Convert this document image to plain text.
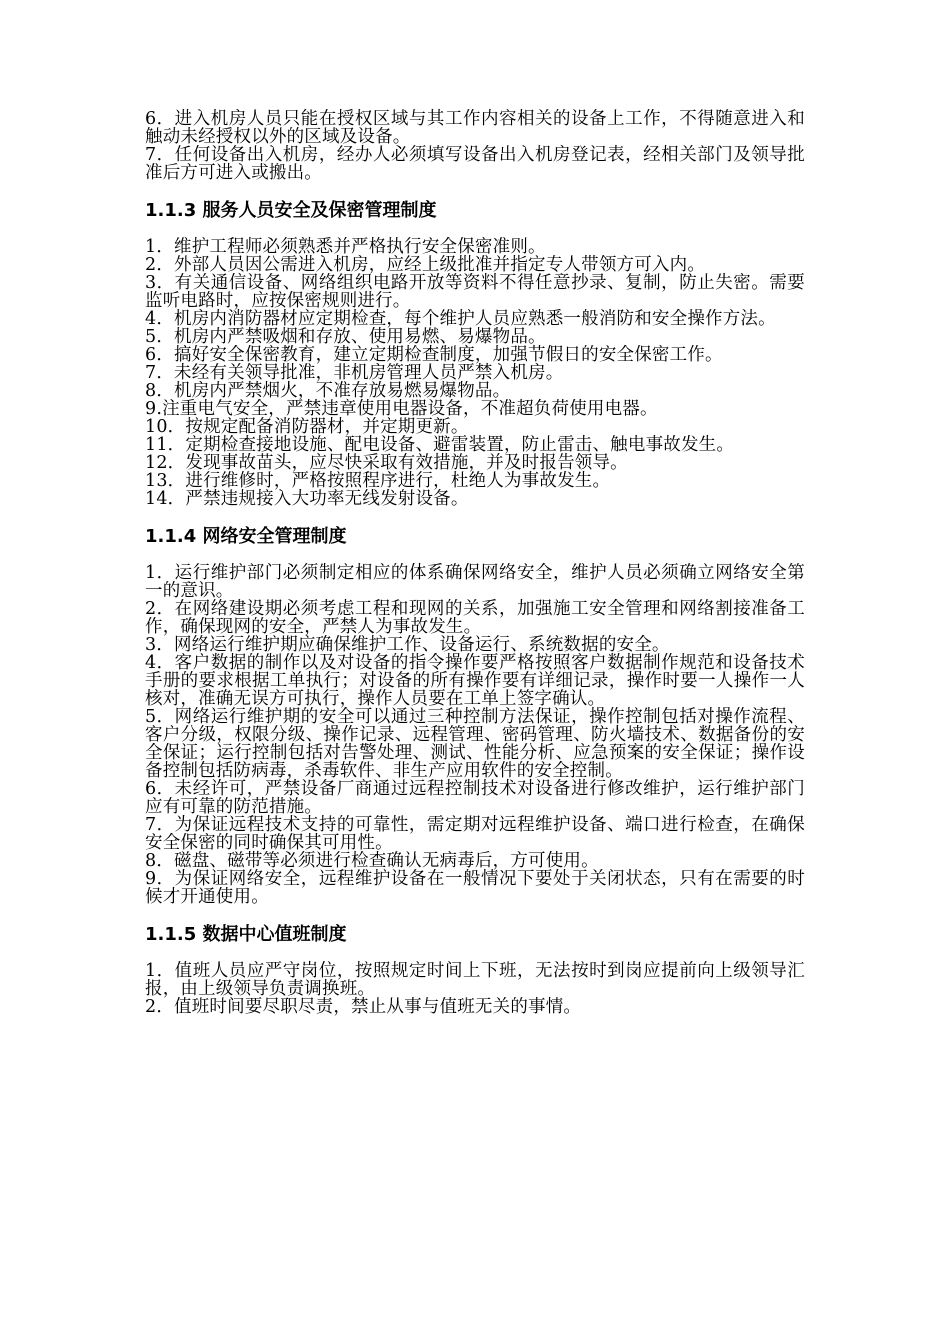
6．进入机房人员只能在授权区域与其工作内容相关的设备上工作，不得随意进入和触动未经授权以外的区域及设备。

7．任何设备出入机房，经办人必须填写设备出入机房登记表，经相关部门及领导批准后方可进入或搬出。

1.1.3 服务人员安全及保密管理制度

1．维护工程师必须熟悉并严格执行安全保密准则。

2．外部人员因公需进入机房，应经上级批准并指定专人带领方可入内。

3．有关通信设备、网络组织电路开放等资料不得任意抄录、复制，防止失密。需要监听电路时，应按保密规则进行。

4．机房内消防器材应定期检查，每个维护人员应熟悉一般消防和安全操作方法。

5．机房内严禁吸烟和存放、使用易燃、易爆物品。

6．搞好安全保密教育，建立定期检查制度，加强节假日的安全保密工作。

7．未经有关领导批准，非机房管理人员严禁入机房。

8．机房内严禁烟火，不准存放易燃易爆物品。

9.注重电气安全，严禁违章使用电器设备，不准超负荷使用电器。

10．按规定配备消防器材，并定期更新。

11．定期检查接地设施、配电设备、避雷装置，防止雷击、触电事故发生。

12．发现事故苗头，应尽快采取有效措施，并及时报告领导。

13．进行维修时，严格按照程序进行，杜绝人为事故发生。

14．严禁违规接入大功率无线发射设备。

1.1.4 网络安全管理制度

1．运行维护部门必须制定相应的体系确保网络安全，维护人员必须确立网络安全第一的意识。

2．在网络建设期必须考虑工程和现网的关系，加强施工安全管理和网络割接准备工作，确保现网的安全，严禁人为事故发生。

3．网络运行维护期应确保维护工作、设备运行、系统数据的安全。

4．客户数据的制作以及对设备的指令操作要严格按照客户数据制作规范和设备技术手册的要求根据工单执行；对设备的所有操作要有详细记录，操作时要一人操作一人核对，准确无误方可执行，操作人员要在工单上签字确认。

5．网络运行维护期的安全可以通过三种控制方法保证，操作控制包括对操作流程、客户分级，权限分级、操作记录、远程管理、密码管理、防火墙技术、数据备份的安全保证；运行控制包括对告警处理、测试、性能分析、应急预案的安全保证；操作设备控制包括防病毒，杀毒软件、非生产应用软件的安全控制。

6．未经许可，严禁设备厂商通过远程控制技术对设备进行修改维护，运行维护部门应有可靠的防范措施。

7．为保证远程技术支持的可靠性，需定期对远程维护设备、端口进行检查，在确保安全保密的同时确保其可用性。

8．磁盘、磁带等必须进行检查确认无病毒后，方可使用。

9．为保证网络安全，远程维护设备在一般情况下要处于关闭状态，只有在需要的时候才开通使用。

1.1.5 数据中心值班制度

1．值班人员应严守岗位，按照规定时间上下班，无法按时到岗应提前向上级领导汇报，由上级领导负责调换班。

2．值班时间要尽职尽责，禁止从事与值班无关的事情。
